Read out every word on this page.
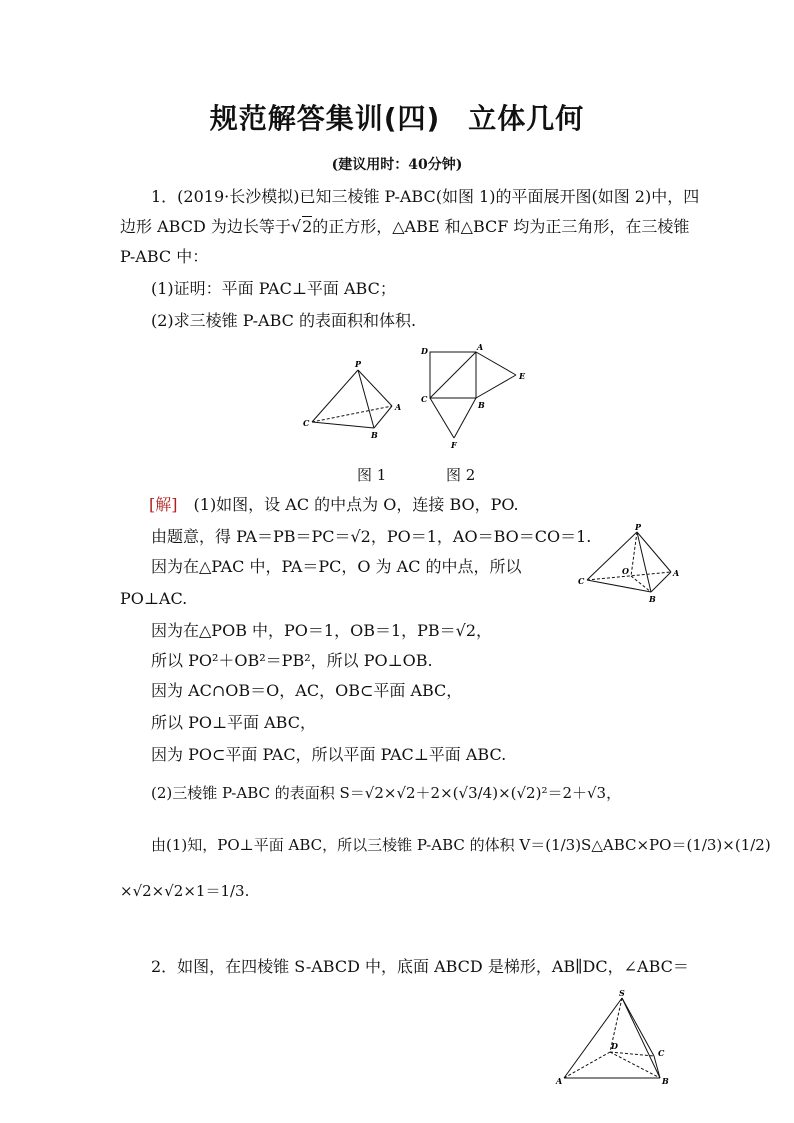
规范解答集训(四) 立体几何
(建议用时：40分钟)
1．(2019·长沙模拟)已知三棱锥 P-ABC(如图 1)的平面展开图(如图 2)中，四
边形 ABCD 为边长等于√2的正方形，△ABE 和△BCF 均为正三角形，在三棱锥
P-ABC 中：
(1)证明：平面 PAC⊥平面 ABC；
(2)求三棱锥 P-ABC 的表面积和体积.
P
C
A
B
D	A
E
C
B
F
图 1	图 2
[解]　 (1)如图，设 AC 的中点为 O，连接 BO，PO.
由题意，得 PA＝PB＝PC＝√2，PO＝1，AO＝BO＝CO＝1.
因为在△PAC 中，PA＝PC，O 为 AC 的中点，所以
PO⊥AC.
因为在△POB 中，PO＝1，OB＝1，PB＝√2，
所以 PO²＋OB²＝PB²，所以 PO⊥OB.
因为 AC∩OB＝O，AC，OB⊂平面 ABC，
所以 PO⊥平面 ABC，
因为 PO⊂平面 PAC，所以平面 PAC⊥平面 ABC.
P
O
C
A
B
(2)三棱锥 P-ABC 的表面积 S＝√2×√2＋2×(√3/4)×(√2)²＝2＋√3，
由(1)知，PO⊥平面 ABC，所以三棱锥 P-ABC 的体积 V＝(1/3)S△ABC×PO＝(1/3)×(1/2)
×√2×√2×1＝1/3.
2．如图，在四棱锥 S-ABCD 中，底面 ABCD 是梯形，AB∥DC，∠ABC＝
S
D
C
A	B
